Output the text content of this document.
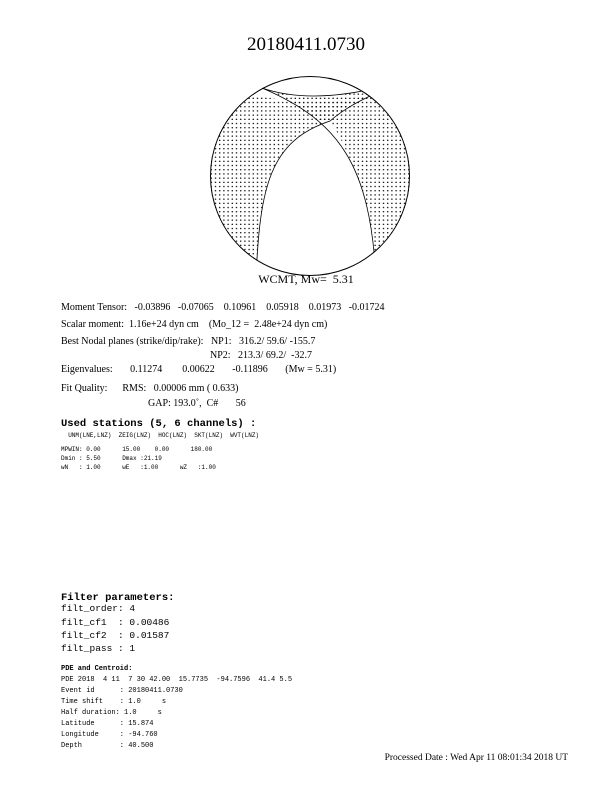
20180411.0730
WCMT, Mw=  5.31
Moment Tensor:   -0.03896   -0.07065    0.10961    0.05918    0.01973   -0.01724
Scalar moment:  1.16e+24 dyn cm    (Mo_12 =  2.48e+24 dyn cm)
Best Nodal planes (strike/dip/rake):   NP1:   316.2/ 59.6/ -155.7
NP2:   213.3/ 69.2/  -32.7
Eigenvalues:       0.11274        0.00622       -0.11896       (Mw = 5.31)
Fit Quality:      RMS:   0.00006 mm ( 0.633)
GAP: 193.0˚,  C#       56
Used stations (5, 6 channels) :
UNM(LNE,LNZ)  ZEIG(LNZ)  HOC(LNZ)  SKT(LNZ)  WVT(LNZ)
MPWIN: 0.00      15.00    0.00      180.00
Dmin : 5.50      Dmax :21.19
wN   : 1.00      wE   :1.00      wZ   :1.00
Filter parameters:
filt_order: 4
filt_cf1  : 0.00486
filt_cf2  : 0.01587
filt_pass : 1
PDE and Centroid:
PDE 2018  4 11  7 30 42.00  15.7735  -94.7596  41.4 5.5
Event id      : 20180411.0730
Time shift    : 1.0     s
Half duration: 1.0     s
Latitude      : 15.874
Longitude     : -94.760
Depth         : 40.500
Processed Date : Wed Apr 11 08:01:34 2018 UT
